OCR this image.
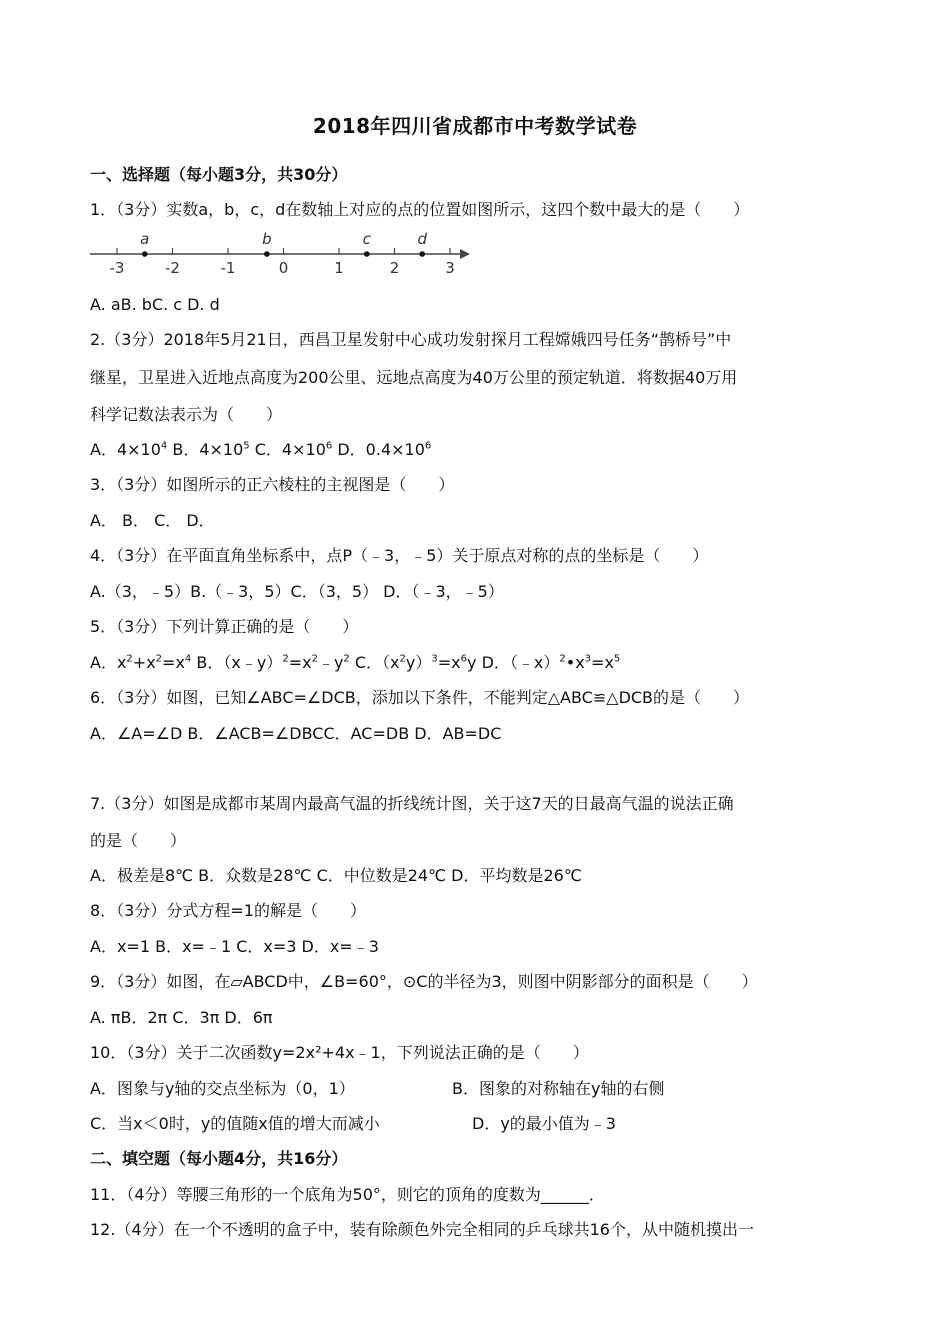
2018年四川省成都市中考数学试卷
一、选择题（每小题3分，共30分）
1．（3分）实数a，b，c，d在数轴上对应的点的位置如图所示，这四个数中最大的是（　　）
-3	-2	-1	0	1	2	3
a	b	c	d
A. aB. bC. c D. d
2.（3分）2018年5月21日，西昌卫星发射中心成功发射探月工程嫦娥四号任务“鹊桥号”中
继星，卫星进入近地点高度为200公里、远地点高度为40万公里的预定轨道．将数据40万用
科学记数法表示为（　　）
A．$4\times 10^4$ B．$4\times 10^5$ C．$4\times 10^6$ D．$0.4\times 10^6$
3．（3分）如图所示的正六棱柱的主视图是（　　）
A． B． C． D．
4．（3分）在平面直角坐标系中，点P（﹣3，﹣5）关于原点对称的点的坐标是（　　）
A.（3，﹣5）B.（﹣3，5）C．（3，5） D．（﹣3，﹣5）
5．（3分）下列计算正确的是（　　）
A．$x^2+x^2=x^4$ B．$(x﹣y)^2=x^2﹣y^2$ C．$(x^2y)^3=x^6y$ D．$(﹣x)^2•x^3=x^5$
6．（3分）如图，已知∠ABC=∠DCB，添加以下条件，不能判定△ABC≌△DCB的是（　　）
A．∠A=∠D B．∠ACB=∠DBCC．AC=DB D．AB=DC
7.（3分）如图是成都市某周内最高气温的折线统计图，关于这7天的日最高气温的说法正确
的是（　　）
A．极差是8℃ B．众数是28℃ C．中位数是24℃ D．平均数是26℃
8．（3分）分式方程=1的解是（　　）
A．x=1 B．x=﹣1 C．x=3 D．x=﹣3
9．（3分）如图，在▱ABCD中，∠B=60°，⊙C的半径为3，则图中阴影部分的面积是（　　）
A. πB．2π C．3π D．6π
10．（3分）关于二次函数y=2x²+4x﹣1，下列说法正确的是（　　）
A．图象与y轴的交点坐标为（0，1）	B．图象的对称轴在y轴的右侧
C．当x＜0时，y的值随x值的增大而减小	D．y的最小值为﹣3
二、填空题（每小题4分，共16分）
11．（4分）等腰三角形的一个底角为50°，则它的顶角的度数为______．
12.（4分）在一个不透明的盒子中，装有除颜色外完全相同的乒乓球共16个，从中随机摸出一
